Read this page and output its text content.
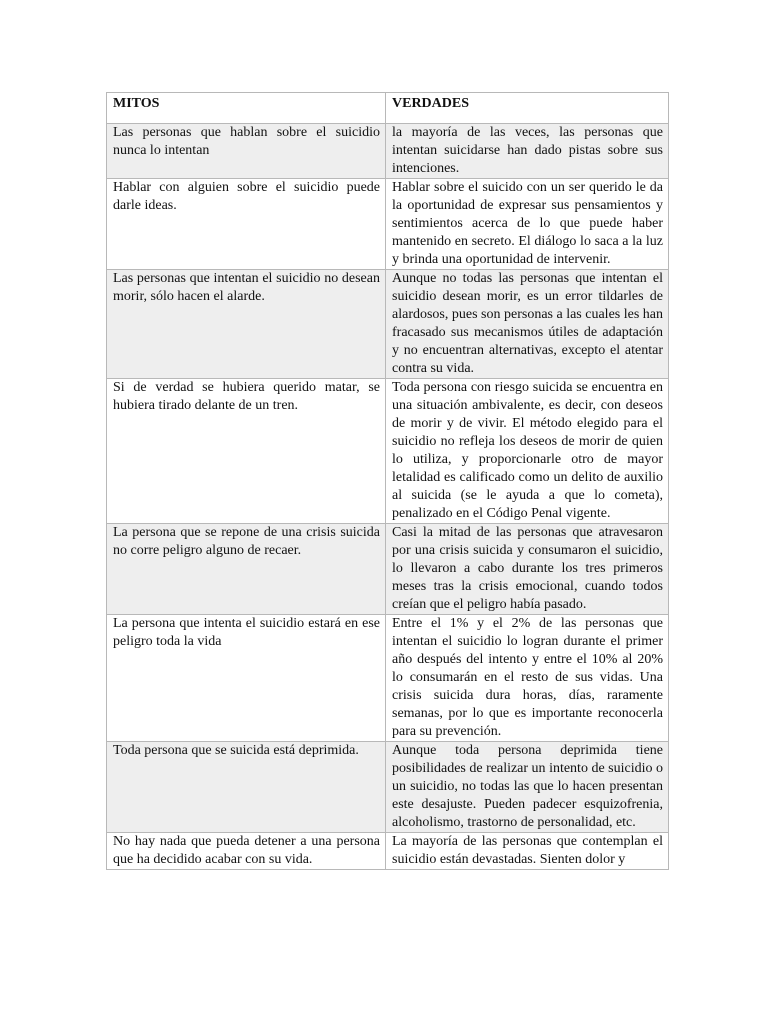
MITOS	VERDADES
Las personas que hablan sobre el suicidio nunca lo intentan	la mayoría de las veces, las personas que intentan suicidarse han dado pistas sobre sus intenciones.
Hablar con alguien sobre el suicidio puede darle ideas.	Hablar sobre el suicido con un ser querido le da la oportunidad de expresar sus pensamientos y sentimientos acerca de lo que puede haber mantenido en secreto. El diálogo lo saca a la luz y brinda una oportunidad de intervenir.
Las personas que intentan el suicidio no desean morir, sólo hacen el alarde.	Aunque no todas las personas que intentan el suicidio desean morir, es un error tildarles de alardosos, pues son personas a las cuales les han fracasado sus mecanismos útiles de adaptación y no encuentran alternativas, excepto el atentar contra su vida.
Si de verdad se hubiera querido matar, se hubiera tirado delante de un tren.	Toda persona con riesgo suicida se encuentra en una situación ambivalente, es decir, con deseos de morir y de vivir. El método elegido para el suicidio no refleja los deseos de morir de quien lo utiliza, y proporcionarle otro de mayor letalidad es calificado como un delito de auxilio al suicida (se le ayuda a que lo cometa), penalizado en el Código Penal vigente.
La persona que se repone de una crisis suicida no corre peligro alguno de recaer.	Casi la mitad de las personas que atravesaron por una crisis suicida y consumaron el suicidio, lo llevaron a cabo durante los tres primeros meses tras la crisis emocional, cuando todos creían que el peligro había pasado.
La persona que intenta el suicidio estará en ese peligro toda la vida	Entre el 1% y el 2% de las personas que intentan el suicidio lo logran durante el primer año después del intento y entre el 10% al 20% lo consumarán en el resto de sus vidas. Una crisis suicida dura horas, días, raramente semanas, por lo que es importante reconocerla para su prevención.
Toda persona que se suicida está deprimida.	Aunque toda persona deprimida tiene posibilidades de realizar un intento de suicidio o un suicidio, no todas las que lo hacen presentan este desajuste. Pueden padecer esquizofrenia, alcoholismo, trastorno de personalidad, etc.
No hay nada que pueda detener a una persona que ha decidido acabar con su vida.	La mayoría de las personas que contemplan el suicidio están devastadas. Sienten dolor y
